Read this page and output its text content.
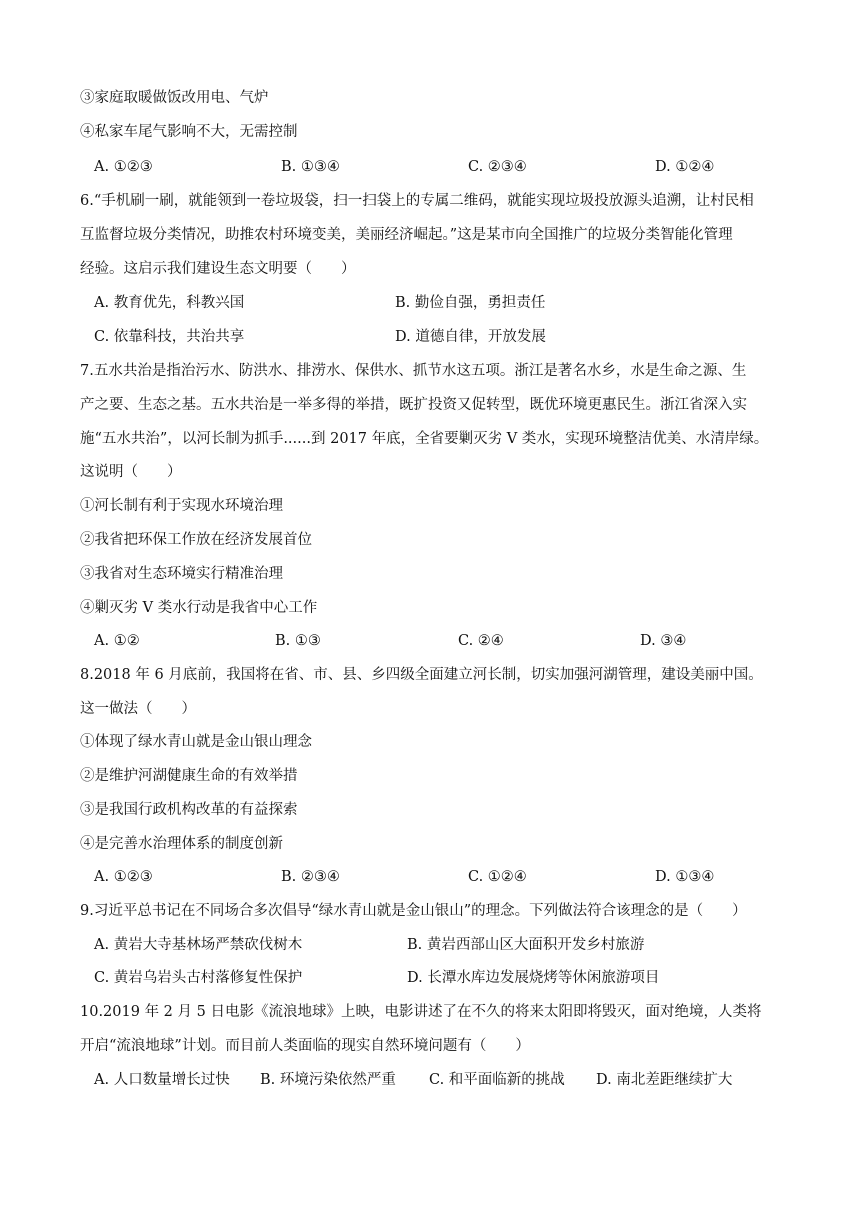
③家庭取暖做饭改用电、气炉
④私家车尾气影响不大，无需控制
A. ①②③	B. ①③④	C. ②③④	D. ①②④
6.“手机刷一刷，就能领到一卷垃圾袋，扫一扫袋上的专属二维码，就能实现垃圾投放源头追溯，让村民相
互监督垃圾分类情况，助推农村环境变美，美丽经济崛起。”这是某市向全国推广的垃圾分类智能化管理
经验。这启示我们建设生态文明要（　　）
A. 教育优先，科教兴国	B. 勤俭自强，勇担责任
C. 依靠科技，共治共享	D. 道德自律，开放发展
7.五水共治是指治污水、防洪水、排涝水、保供水、抓节水这五项。浙江是著名水乡，水是生命之源、生
产之要、生态之基。五水共治是一举多得的举措，既扩投资又促转型，既优环境更惠民生。浙江省深入实
施“五水共治”，以河长制为抓手......到 2017 年底，全省要剿灭劣 V 类水，实现环境整洁优美、水清岸绿。
这说明（　　）
①河长制有利于实现水环境治理
②我省把环保工作放在经济发展首位
③我省对生态环境实行精准治理
④剿灭劣 V 类水行动是我省中心工作
A. ①②	B. ①③	C. ②④	D. ③④
8.2018 年 6 月底前，我国将在省、市、县、乡四级全面建立河长制，切实加强河湖管理，建设美丽中国。
这一做法（　　）
①体现了绿水青山就是金山银山理念
②是维护河湖健康生命的有效举措
③是我国行政机构改革的有益探索
④是完善水治理体系的制度创新
A. ①②③	B. ②③④	C. ①②④	D. ①③④
9.习近平总书记在不同场合多次倡导“绿水青山就是金山银山”的理念。下列做法符合该理念的是（　　）
A. 黄岩大寺基林场严禁砍伐树木	B. 黄岩西部山区大面积开发乡村旅游
C. 黄岩乌岩头古村落修复性保护	D. 长潭水库边发展烧烤等休闲旅游项目
10.2019 年 2 月 5 日电影《流浪地球》上映，电影讲述了在不久的将来太阳即将毁灭，面对绝境，人类将
开启“流浪地球”计划。而目前人类面临的现实自然环境问题有（　　）
A. 人口数量增长过快 B. 环境污染依然严重 C. 和平面临新的挑战 D. 南北差距继续扩大
